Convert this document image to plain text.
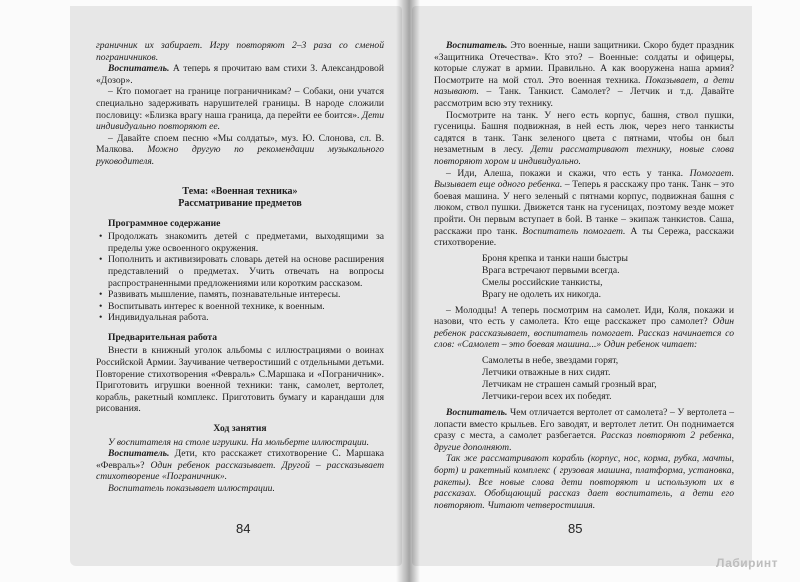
граничник их забирает. Игру повторяют 2–3 раза со сменой пограничников.

Воспитатель. А теперь я прочитаю вам стихи З. Александровой «Дозор».

– Кто помогает на границе пограничникам? – Собаки, они учатся специально задерживать нарушителей границы. В народе сложили пословицу: «Близка врагу наша граница, да перейти ее боится». Дети индивидуально повторяют ее.

– Давайте споем песню «Мы солдаты», муз. Ю. Слонова, сл. В. Малкова. Можно другую по рекомендации музыкального руководителя.

Тема: «Военная техника»
Рассматривание предметов
Программное содержание
• Продолжать знакомить детей с предметами, выходящими за пределы уже освоенного окружения.
• Пополнить и активизировать словарь детей на основе расширения представлений о предметах. Учить отвечать на вопросы распространенными предложениями или коротким рассказом.
• Развивать мышление, память, познавательные интересы.
• Воспитывать интерес к военной технике, к военным.
• Индивидуальная работа.
Предварительная работа

Внести в книжный уголок альбомы с иллюстрациями о воинах Российской Армии. Заучивание четверостиший с отдельными детьми. Повторение стихотворения «Февраль» С.Маршака и «Пограничник». Приготовить игрушки военной техники: танк, самолет, вертолет, корабль, ракетный комплекс. Приготовить бумагу и карандаши для рисования.

Ход занятия

У воспитателя на столе игрушки. На мольберте иллюстрации.

Воспитатель. Дети, кто расскажет стихотворение С. Маршака «Февраль»? Один ребенок рассказывает. Другой – рассказывает стихотворение «Пограничник».

Воспитатель показывает иллюстрации.

84

Воспитатель. Это военные, наши защитники. Скоро будет праздник «Защитника Отечества». Кто это? – Военные: солдаты и офицеры, которые служат в армии. Правильно. А как вооружена наша армия? Посмотрите на мой стол. Это военная техника. Показывает, а дети называют. – Танк. Танкист. Самолет? – Летчик и т.д. Давайте рассмотрим всю эту технику.

Посмотрите на танк. У него есть корпус, башня, ствол пушки, гусеницы. Башня подвижная, в ней есть люк, через него танкисты садятся в танк. Танк зеленого цвета с пятнами, чтобы он был незаметным в лесу. Дети рассматривают технику, новые слова повторяют хором и индивидуально.

– Иди, Алеша, покажи и скажи, что есть у танка. Помогает. Вызывает еще одного ребенка. – Теперь я расскажу про танк. Танк – это боевая машина. У него зеленый с пятнами корпус, подвижная башня с люком, ствол пушки. Движется танк на гусеницах, поэтому везде может пройти. Он первым вступает в бой. В танке – экипаж танкистов. Саша, расскажи про танк. Воспитатель помогает. А ты Сережа, расскажи стихотворение.

Броня крепка и танки наши быстры
Врага встречают первыми всегда.
Смелы российские танкисты,
Врагу не одолеть их никогда.

– Молодцы! А теперь посмотрим на самолет. Иди, Коля, покажи и назови, что есть у самолета. Кто еще расскажет про самолет? Один ребенок рассказывает, воспитатель помогает. Рассказ начинается со слов: «Самолет – это боевая машина...» Один ребенок читает:

Самолеты в небе, звездами горят,
Летчики отважные в них сидят.
Летчикам не страшен самый грозный враг,
Летчики-герои всех их победят.

Воспитатель. Чем отличается вертолет от самолета? – У вертолета – лопасти вместо крыльев. Его заводят, и вертолет летит. Он поднимается сразу с места, а самолет разбегается. Рассказ повторяют 2 ребенка, другие дополняют.

Так же рассматривают корабль (корпус, нос, корма, рубка, мачты, борт) и ракетный комплекс ( грузовая машина, платформа, установка, ракеты). Все новые слова дети повторяют и используют их в рассказах. Обобщающий рассказ дает воспитатель, а дети его повторяют. Читают четверостишия.

85
Лабиринт
